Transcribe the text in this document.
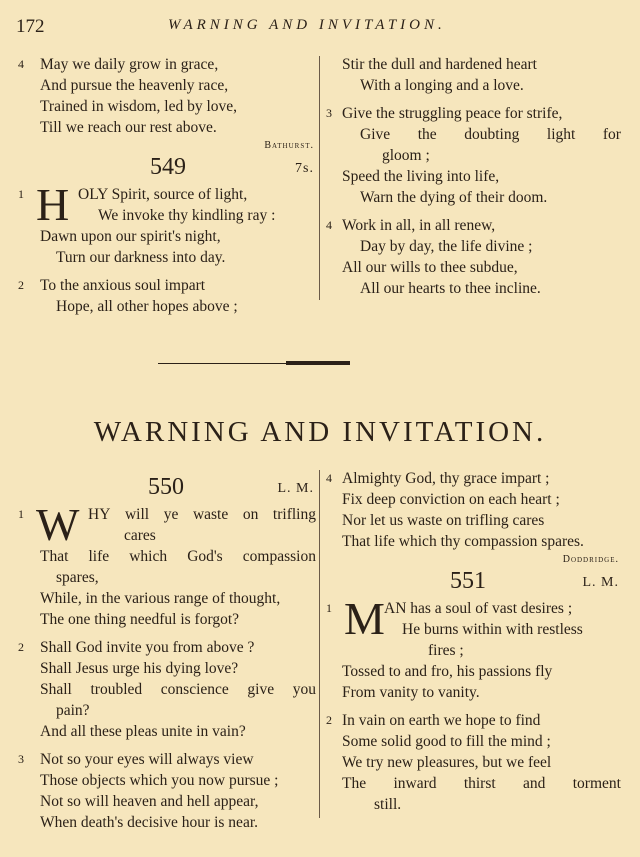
172	WARNING AND INVITATION.
4 May we daily grow in grace,
And pursue the heavenly race,
Trained in wisdom, led by love,
Till we reach our rest above.
Bathurst.
549	7s.
1 H OLY Spirit, source of light,
We invoke thy kindling ray :
Dawn upon our spirit's night,
Turn our darkness into day.
2 To the anxious soul impart
Hope, all other hopes above ;
Stir the dull and hardened heart
With a longing and a love.
3 Give the struggling peace for strife,
Give the doubting light for
gloom ;
Speed the living into life,
Warn the dying of their doom.
4 Work in all, in all renew,
Day by day, the life divine ;
All our wills to thee subdue,
All our hearts to thee incline.
WARNING AND INVITATION.
550	L. M.
1 W HY will ye waste on trifling
cares
That life which God's compassion
spares,
While, in the various range of thought,
The one thing needful is forgot?
2 Shall God invite you from above ?
Shall Jesus urge his dying love?
Shall troubled conscience give you
pain?
And all these pleas unite in vain?
3 Not so your eyes will always view
Those objects which you now pursue ;
Not so will heaven and hell appear,
When death's decisive hour is near.
4 Almighty God, thy grace impart ;
Fix deep conviction on each heart ;
Nor let us waste on trifling cares
That life which thy compassion spares.
Doddridge.
551	L. M.
1 M AN has a soul of vast desires ;
He burns within with restless
fires ;
Tossed to and fro, his passions fly
From vanity to vanity.
2 In vain on earth we hope to find
Some solid good to fill the mind ;
We try new pleasures, but we feel
The inward thirst and torment
still.
